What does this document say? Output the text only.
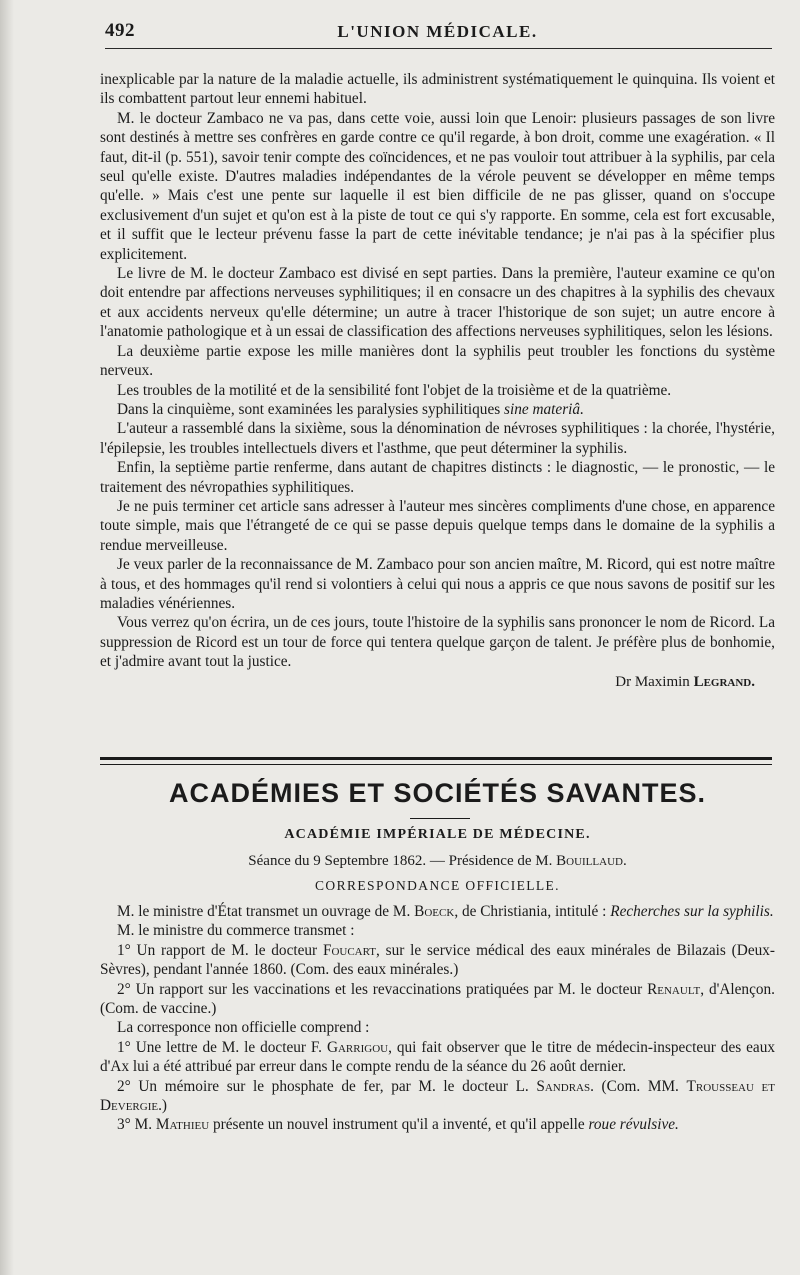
492	L'UNION MÉDICALE.

inexplicable par la nature de la maladie actuelle, ils administrent systématiquement le quinquina. Ils voient et ils combattent partout leur ennemi habituel.

M. le docteur Zambaco ne va pas, dans cette voie, aussi loin que Lenoir: plusieurs passages de son livre sont destinés à mettre ses confrères en garde contre ce qu'il regarde, à bon droit, comme une exagération. « Il faut, dit-il (p. 551), savoir tenir compte des coïncidences, et ne pas vouloir tout attribuer à la syphilis, par cela seul qu'elle existe. D'autres maladies indépendantes de la vérole peuvent se développer en même temps qu'elle. » Mais c'est une pente sur laquelle il est bien difficile de ne pas glisser, quand on s'occupe exclusivement d'un sujet et qu'on est à la piste de tout ce qui s'y rapporte. En somme, cela est fort excusable, et il suffit que le lecteur prévenu fasse la part de cette inévitable tendance; je n'ai pas à la spécifier plus explicitement.

Le livre de M. le docteur Zambaco est divisé en sept parties. Dans la première, l'auteur examine ce qu'on doit entendre par affections nerveuses syphilitiques; il en consacre un des chapitres à la syphilis des chevaux et aux accidents nerveux qu'elle détermine; un autre à tracer l'historique de son sujet; un autre encore à l'anatomie pathologique et à un essai de classification des affections nerveuses syphilitiques, selon les lésions.

La deuxième partie expose les mille manières dont la syphilis peut troubler les fonctions du système nerveux.

Les troubles de la motilité et de la sensibilité font l'objet de la troisième et de la quatrième.

Dans la cinquième, sont examinées les paralysies syphilitiques sine materiâ.

L'auteur a rassemblé dans la sixième, sous la dénomination de névroses syphilitiques : la chorée, l'hystérie, l'épilepsie, les troubles intellectuels divers et l'asthme, que peut déterminer la syphilis.

Enfin, la septième partie renferme, dans autant de chapitres distincts : le diagnostic, — le pronostic, — le traitement des névropathies syphilitiques.

Je ne puis terminer cet article sans adresser à l'auteur mes sincères compliments d'une chose, en apparence toute simple, mais que l'étrangeté de ce qui se passe depuis quelque temps dans le domaine de la syphilis a rendue merveilleuse.

Je veux parler de la reconnaissance de M. Zambaco pour son ancien maître, M. Ricord, qui est notre maître à tous, et des hommages qu'il rend si volontiers à celui qui nous a appris ce que nous savons de positif sur les maladies vénériennes.

Vous verrez qu'on écrira, un de ces jours, toute l'histoire de la syphilis sans prononcer le nom de Ricord. La suppression de Ricord est un tour de force qui tentera quelque garçon de talent. Je préfère plus de bonhomie, et j'admire avant tout la justice.

Dr Maximin Legrand.
ACADÉMIES ET SOCIÉTÉS SAVANTES.
ACADÉMIE IMPÉRIALE DE MÉDECINE.
Séance du 9 Septembre 1862. — Présidence de M. Bouillaud.
CORRESPONDANCE OFFICIELLE.

M. le ministre d'État transmet un ouvrage de M. Boeck, de Christiania, intitulé : Recherches sur la syphilis.

M. le ministre du commerce transmet :

1° Un rapport de M. le docteur Foucart, sur le service médical des eaux minérales de Bilazais (Deux-Sèvres), pendant l'année 1860. (Com. des eaux minérales.)

2° Un rapport sur les vaccinations et les revaccinations pratiquées par M. le docteur Renault, d'Alençon. (Com. de vaccine.)

La corresponce non officielle comprend :

1° Une lettre de M. le docteur F. Garrigou, qui fait observer que le titre de médecin-inspecteur des eaux d'Ax lui a été attribué par erreur dans le compte rendu de la séance du 26 août dernier.

2° Un mémoire sur le phosphate de fer, par M. le docteur L. Sandras. (Com. MM. Trousseau et Devergie.)

3° M. Mathieu présente un nouvel instrument qu'il a inventé, et qu'il appelle roue révulsive.
